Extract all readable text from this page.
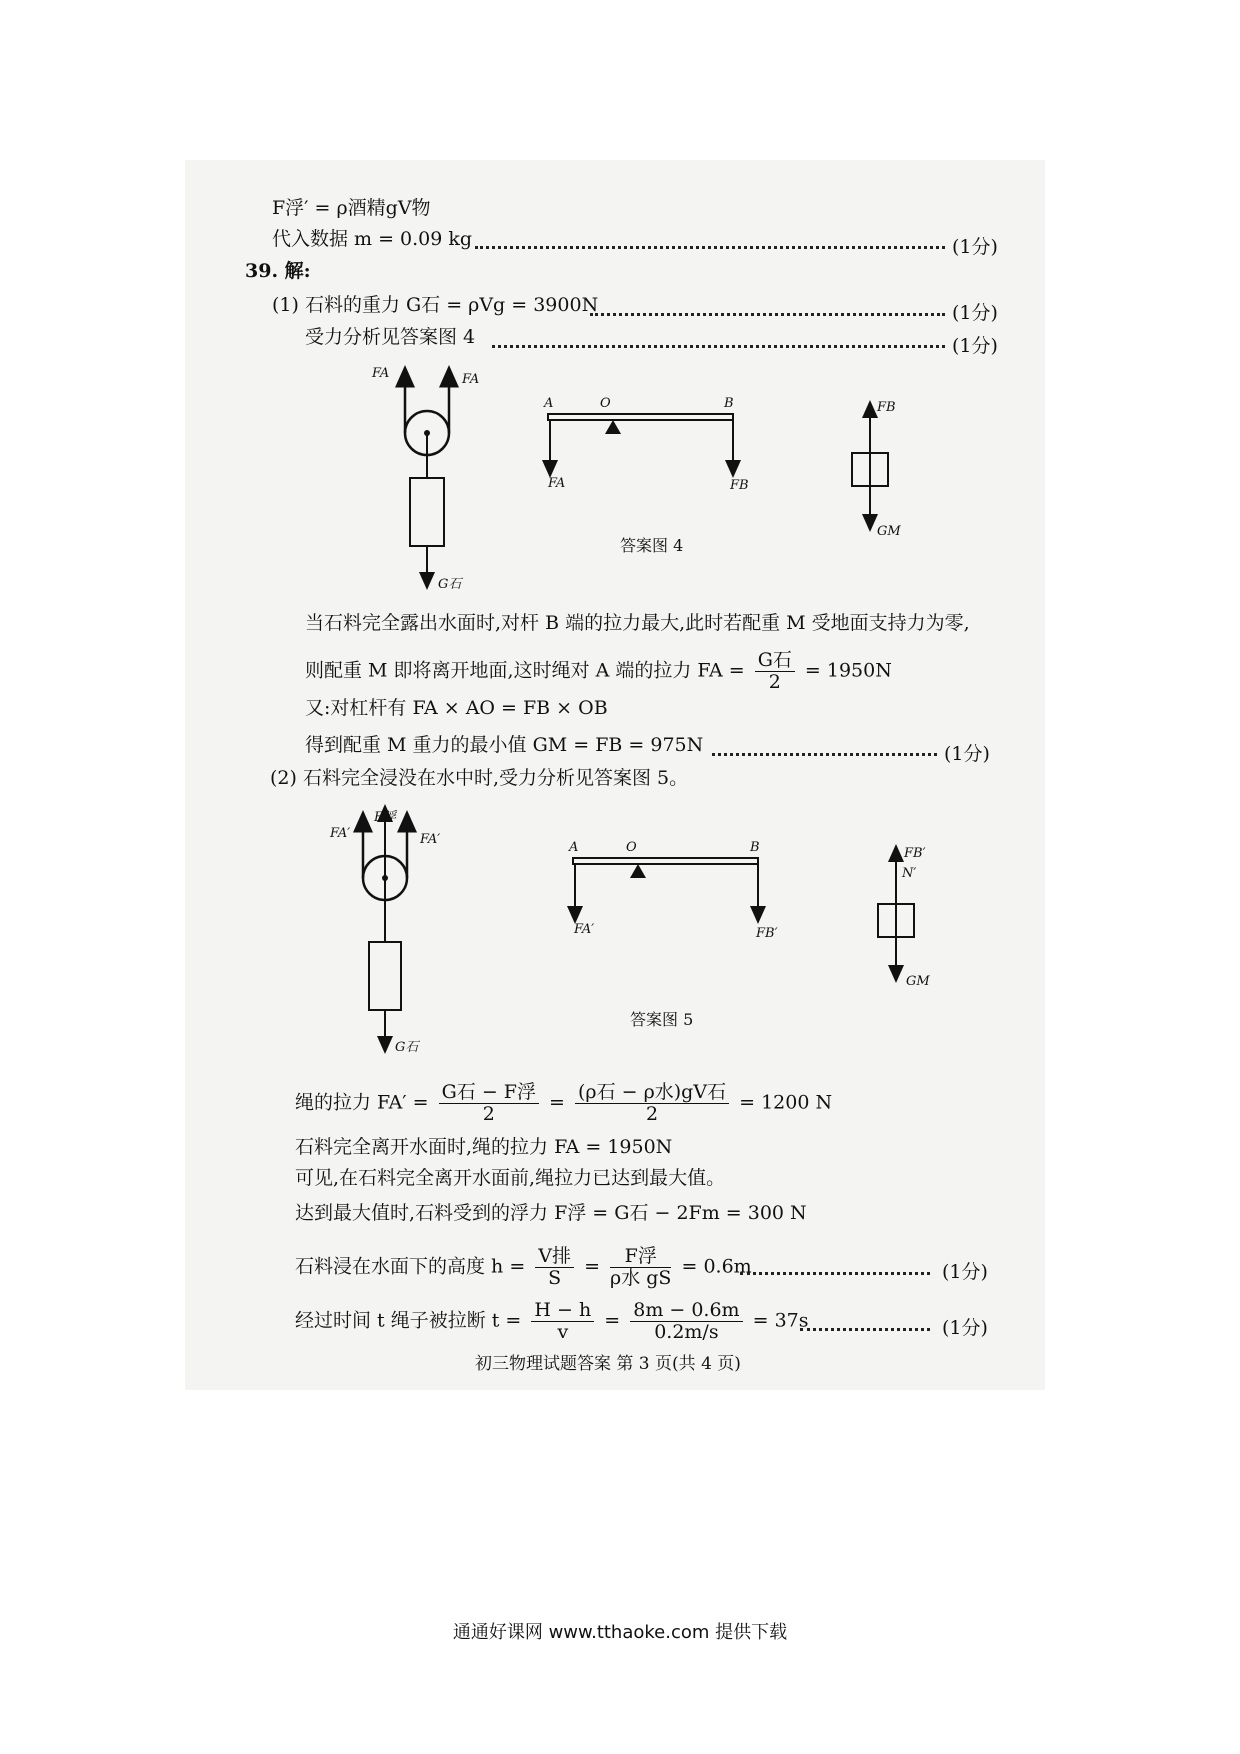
F浮′ = ρ酒精gV物
代入数据 m = 0.09 kg	(1分)
39. 解:
(1) 石料的重力 G石 = ρVg = 3900N	(1分)
受力分析见答案图 4	(1分)
FA	FA
G石
A	O	B
FA	FB
FB
GM
答案图 4
当石料完全露出水面时,对杆 B 端的拉力最大,此时若配重 M 受地面支持力为零,
则配重 M 即将离开地面,这时绳对 A 端的拉力 FA = $\frac{\text{G石}}{2} = 1950N$
又:对杠杆有 FA × AO = FB × OB
得到配重 M 重力的最小值 GM = FB = 975N	(1分)
(2) 石料完全浸没在水中时,受力分析见答案图 5。
FA′
F浮
FA′
G石
A	O	B
FA′	FB′
FB′
N′
GM
答案图 5
绳的拉力 $FA' = \frac{\text{G石 − F浮}}{2} = \frac{\text{(ρ石 − ρ水)gV石}}{2} = 1200$ N
石料完全离开水面时,绳的拉力 FA = 1950N
可见,在石料完全离开水面前,绳拉力已达到最大值。
达到最大值时,石料受到的浮力 F浮 = G石 − 2Fm = 300 N
石料浸在水面下的高度 $h = \frac{\text{V排}}{S} = \frac{\text{F浮}}{\text{ρ水 gS}} = 0.6m$	(1分)
经过时间 t 绳子被拉断 $t = \frac{H - h}{v} = \frac{8m - 0.6m}{0.2m/s} = 37s$	(1分)
初三物理试题答案 第 3 页(共 4 页)
通通好课网 www.tthaoke.com 提供下载
